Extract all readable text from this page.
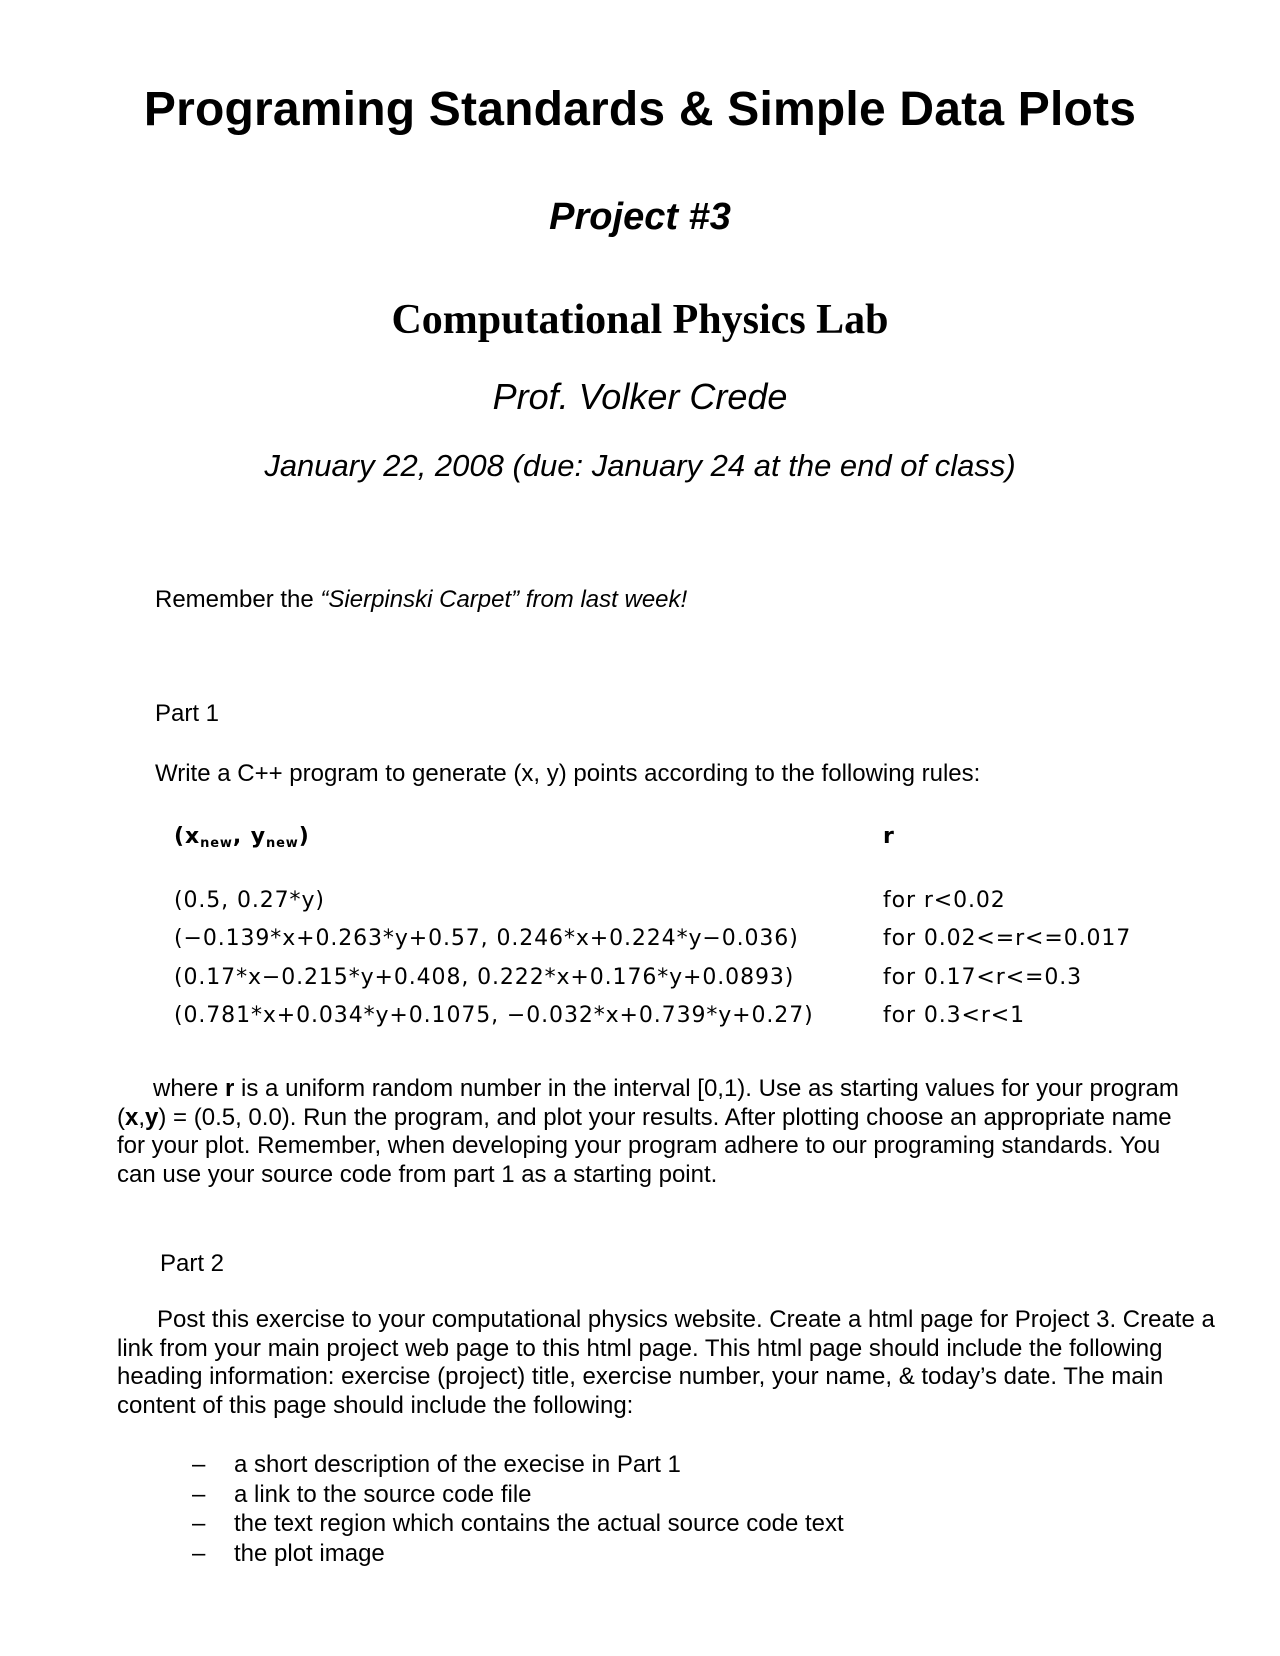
Programing Standards & Simple Data Plots
Project #3
Computational Physics Lab
Prof. Volker Crede
January 22, 2008 (due: January 24 at the end of class)
Remember the “Sierpinski Carpet” from last week!
Part 1
Write a C++ program to generate (x, y) points according to the following rules:
($x_{new}$, $y_{new}$)	r
(0.5, 0.27*y)	for r<0.02
(−0.139*x+0.263*y+0.57, 0.246*x+0.224*y−0.036)	for 0.02<=r<=0.017
(0.17*x−0.215*y+0.408, 0.222*x+0.176*y+0.0893)	for 0.17<r<=0.3
(0.781*x+0.034*y+0.1075, −0.032*x+0.739*y+0.27)	for 0.3<r<1
where r is a uniform random number in the interval [0,1). Use as starting values for your program (x,y) = (0.5, 0.0). Run the program, and plot your results. After plotting choose an appropriate name for your plot. Remember, when developing your program adhere to our programing standards. You can use your source code from part 1 as a starting point.
Part 2
Post this exercise to your computational physics website. Create a html page for Project 3. Create a link from your main project web page to this html page. This html page should include the following heading information: exercise (project) title, exercise number, your name, & today’s date. The main content of this page should include the following:
– a short description of the execise in Part 1
– a link to the source code file
– the text region which contains the actual source code text
– the plot image
